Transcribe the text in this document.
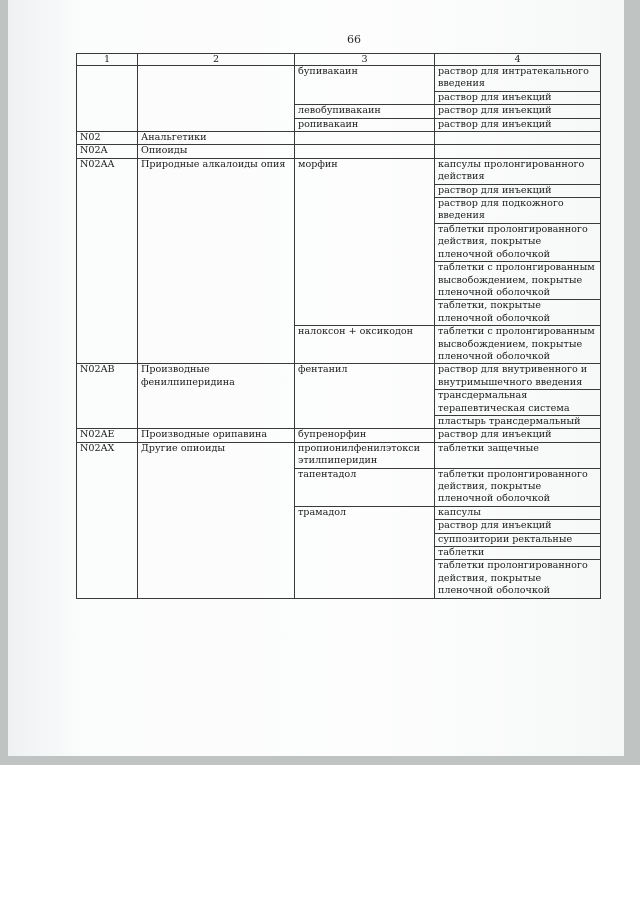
66
1	2	3	4
		бупивакаин	раствор для интратекального введения
			раствор для инъекций
		левобупивакаин	раствор для инъекций
		ропивакаин	раствор для инъекций
N02	Анальгетики		
N02A	Опиоиды		
N02AA	Природные алкалоиды опия	морфин	капсулы пролонгированного действия
			раствор для инъекций
			раствор для подкожного введения
			таблетки пролонгированного действия, покрытые пленочной оболочкой
			таблетки с пролонгированным высвобождением, покрытые пленочной оболочкой
			таблетки, покрытые пленочной оболочкой
		налоксон + оксикодон	таблетки с пролонгированным высвобождением, покрытые пленочной оболочкой
N02AB	Производные фенилпиперидина	фентанил	раствор для внутривенного и внутримышечного введения
			трансдермальная терапевтическая система
			пластырь трансдермальный
N02AE	Производные орипавина	бупренорфин	раствор для инъекций
N02AX	Другие опиоиды	пропионилфенилэтокси этилпиперидин	таблетки защечные
		тапентадол	таблетки пролонгированного действия, покрытые пленочной оболочкой
		трамадол	капсулы
			раствор для инъекций
			суппозитории ректальные
			таблетки
			таблетки пролонгированного действия, покрытые пленочной оболочкой
